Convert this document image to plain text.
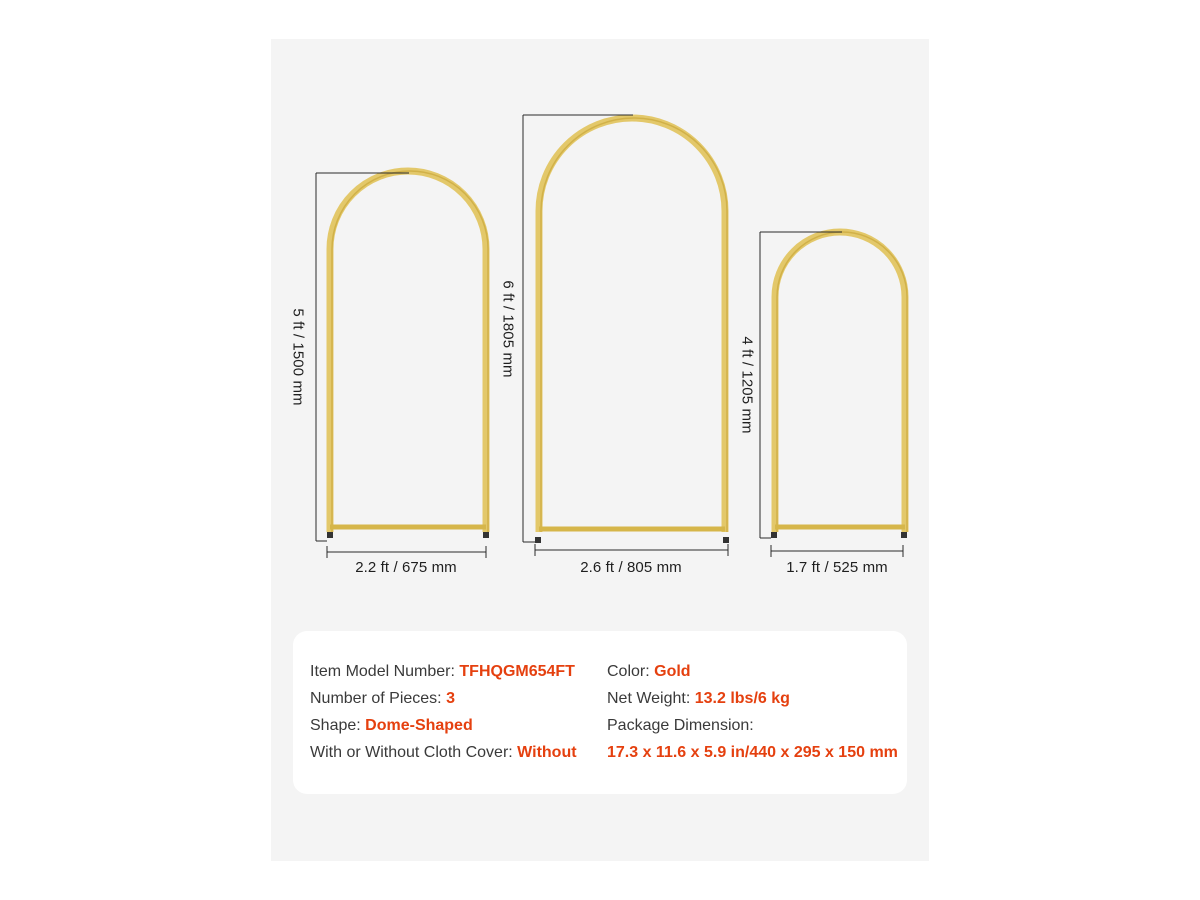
5 ft / 1500 mm	6 ft / 1805 mm
4 ft / 1205 mm
2.2 ft / 675 mm	2.6 ft / 805 mm	1.7 ft / 525 mm
Item Model Number: TFHQGM654FT
Number of Pieces: 3
Shape: Dome-Shaped
With or Without Cloth Cover: Without
Color: Gold
Net Weight: 13.2 lbs/6 kg
Package Dimension:
17.3 x 11.6 x 5.9 in/440 x 295 x 150 mm
